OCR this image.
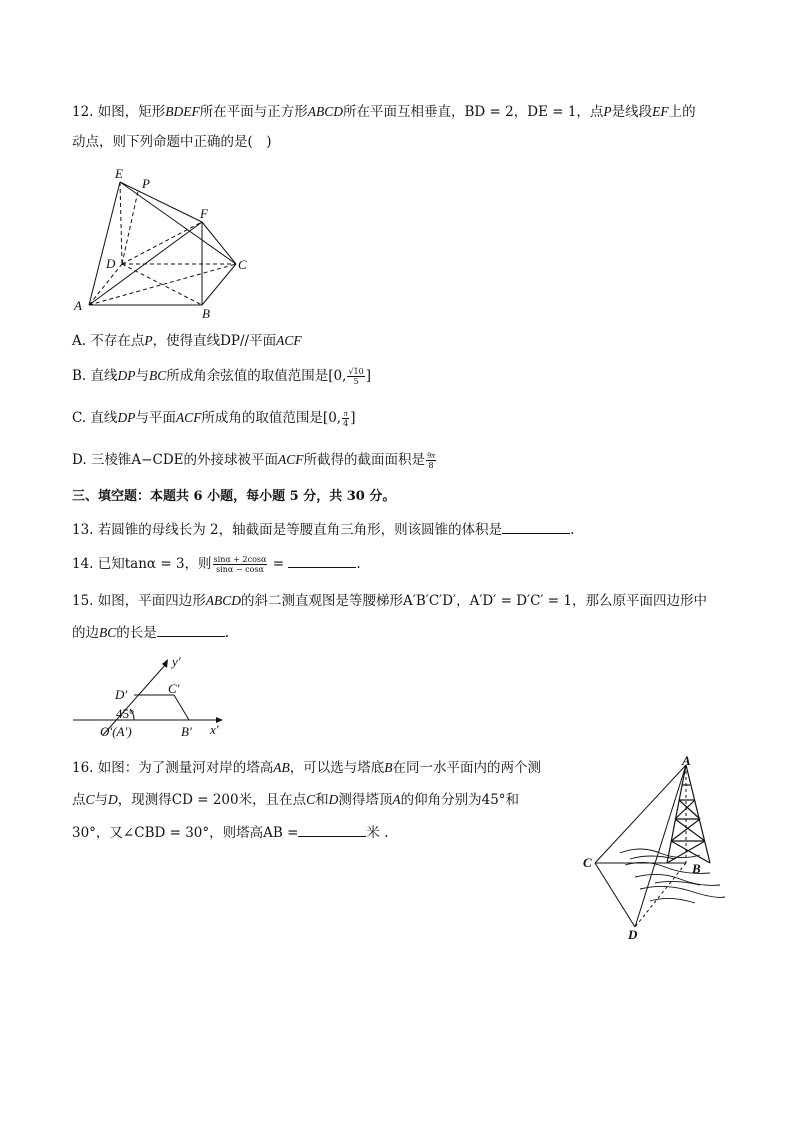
12. 如图，矩形BDEF所在平面与正方形ABCD所在平面互相垂直，BD = 2，DE = 1，点P是线段EF上的
动点，则下列命题中正确的是(　)
E
P
F
D	C
A
B
A. 不存在点P，使得直线DP//平面ACF
B. 直线DP与BC所成角余弦值的取值范围是[0, $\frac{√10}{5}$ ]
C. 直线DP与平面ACF所成角的取值范围是[0, $\frac{\pi}{4}$ ]
D. 三棱锥A−CDE的外接球被平面ACF所截得的截面面积是 $\frac{9\pi}{8}$
三、填空题：本题共 6 小题，每小题 5 分，共 30 分。
13. 若圆锥的母线长为 2，轴截面是等腰直角三角形，则该圆锥的体积是	.
14. 已知tanα = 3，则 $\frac{\sin\alpha + 2\cos\alpha}{\sin\alpha - \cos\alpha}$ =	.
15. 如图，平面四边形ABCD的斜二测直观图是等腰梯形A′B′C′D′，A′D′ = D′C′ = 1，那么原平面四边形中
的边BC的长是	.
y′
D′	C′
45°
O′(A′)	B′ x′
16. 如图：为了测量河对岸的塔高AB，可以选与塔底B在同一水平面内的两个测
点C与D，现测得CD = 200米，且在点C和D测得塔顶A的仰角分别为45°和
30°，又∠CBD = 30°，则塔高AB =	米 .
A
C	B
D
